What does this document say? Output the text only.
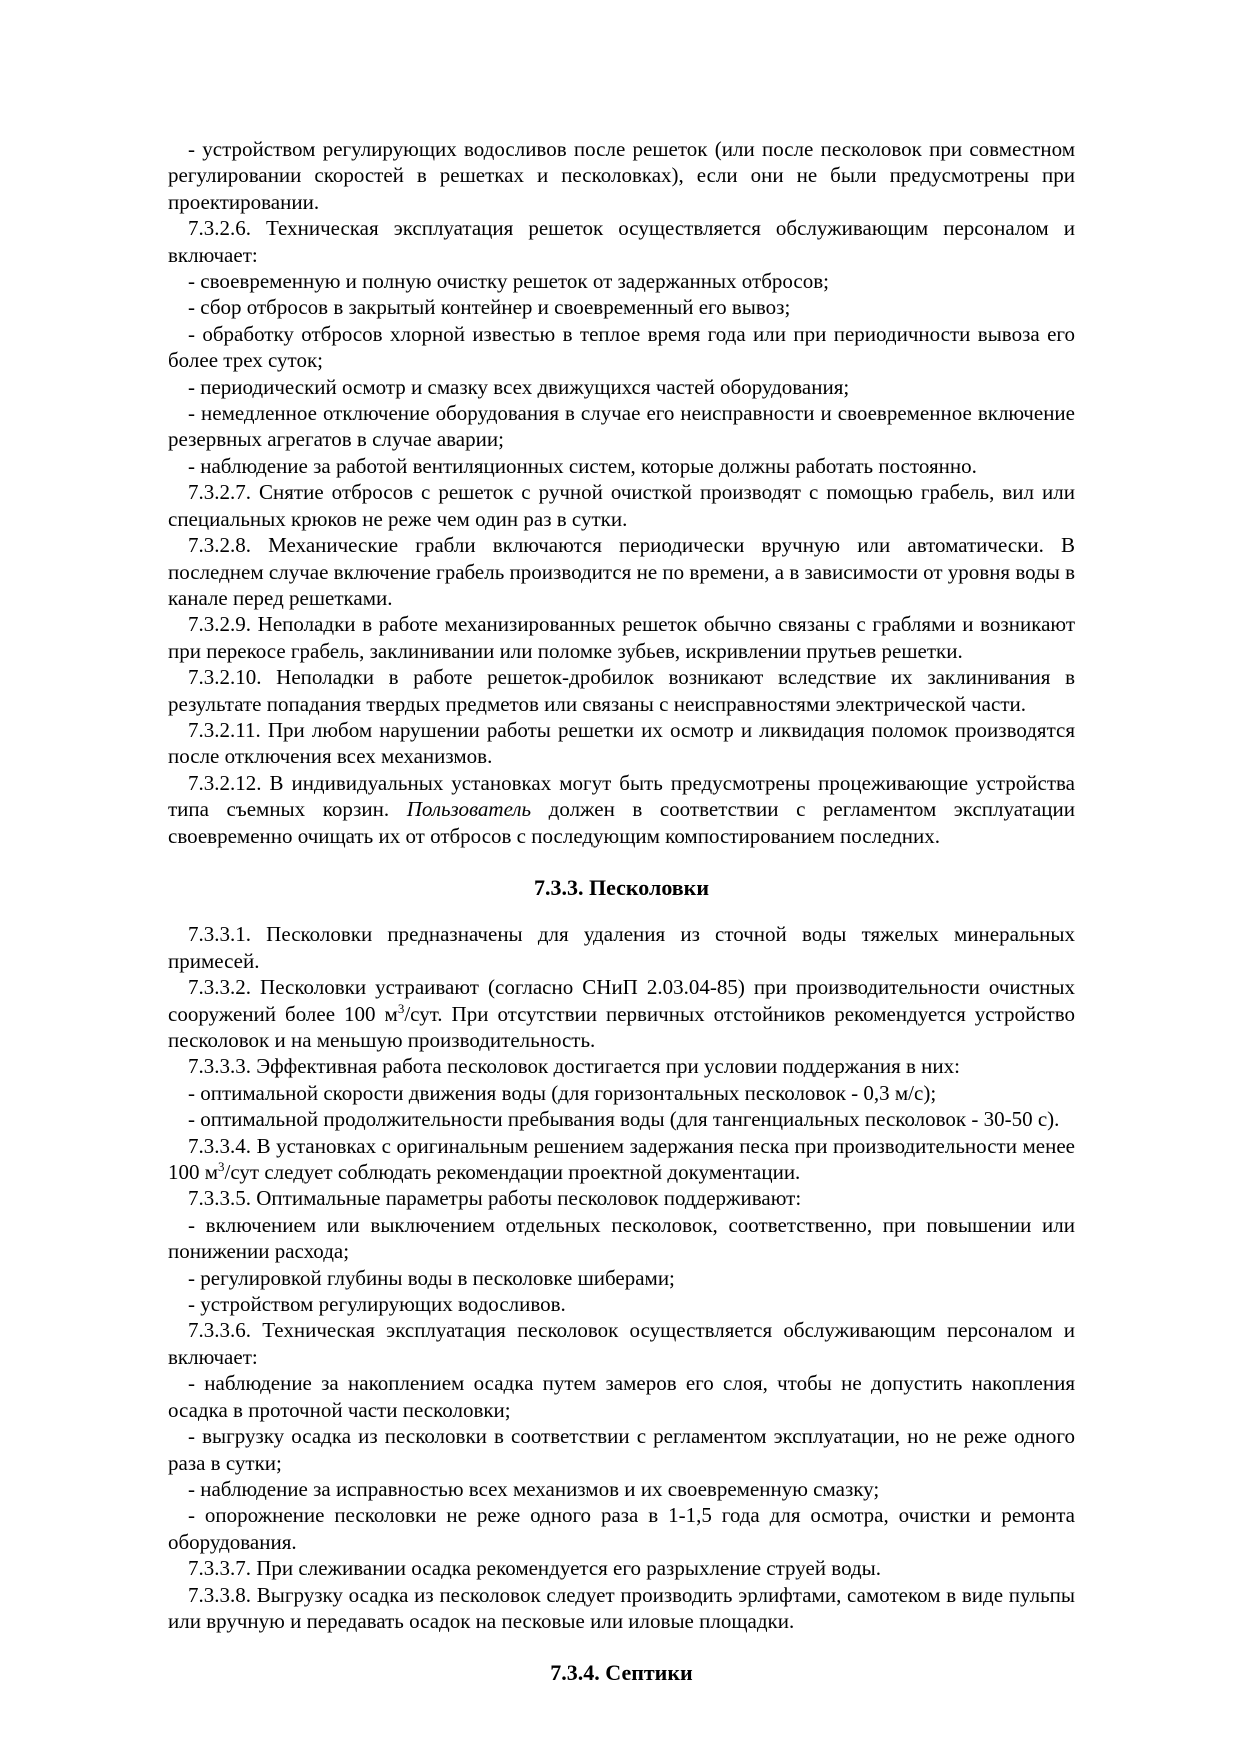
- устройством регулирующих водосливов после решеток (или после песколовок при совместном регулировании скоростей в решетках и песколовках), если они не были предусмотрены при проектировании.

7.3.2.6. Техническая эксплуатация решеток осуществляется обслуживающим персоналом и включает:

- своевременную и полную очистку решеток от задержанных отбросов;

- сбор отбросов в закрытый контейнер и своевременный его вывоз;

- обработку отбросов хлорной известью в теплое время года или при периодичности вывоза его более трех суток;

- периодический осмотр и смазку всех движущихся частей оборудования;

- немедленное отключение оборудования в случае его неисправности и своевременное включение резервных агрегатов в случае аварии;

- наблюдение за работой вентиляционных систем, которые должны работать постоянно.

7.3.2.7. Снятие отбросов с решеток с ручной очисткой производят с помощью грабель, вил или специальных крюков не реже чем один раз в сутки.

7.3.2.8. Механические грабли включаются периодически вручную или автоматически. В последнем случае включение грабель производится не по времени, а в зависимости от уровня воды в канале перед решетками.

7.3.2.9. Неполадки в работе механизированных решеток обычно связаны с граблями и возникают при перекосе грабель, заклинивании или поломке зубьев, искривлении прутьев решетки.

7.3.2.10. Неполадки в работе решеток-дробилок возникают вследствие их заклинивания в результате попадания твердых предметов или связаны с неисправностями электрической части.

7.3.2.11. При любом нарушении работы решетки их осмотр и ликвидация поломок производятся после отключения всех механизмов.

7.3.2.12. В индивидуальных установках могут быть предусмотрены процеживающие устройства типа съемных корзин. Пользователь должен в соответствии с регламентом эксплуатации своевременно очищать их от отбросов с последующим компостированием последних.

7.3.3. Песколовки

7.3.3.1. Песколовки предназначены для удаления из сточной воды тяжелых минеральных примесей.

7.3.3.2. Песколовки устраивают (согласно СНиП 2.03.04-85) при производительности очистных сооружений более 100 $м^3$/сут. При отсутствии первичных отстойников рекомендуется устройство песколовок и на меньшую производительность.

7.3.3.3. Эффективная работа песколовок достигается при условии поддержания в них:

- оптимальной скорости движения воды (для горизонтальных песколовок - 0,3 м/с);

- оптимальной продолжительности пребывания воды (для тангенциальных песколовок - 30-50 с).

7.3.3.4. В установках с оригинальным решением задержания песка при производительности менее 100 $м^3$/сут следует соблюдать рекомендации проектной документации.

7.3.3.5. Оптимальные параметры работы песколовок поддерживают:

- включением или выключением отдельных песколовок, соответственно, при повышении или понижении расхода;

- регулировкой глубины воды в песколовке шиберами;

- устройством регулирующих водосливов.

7.3.3.6. Техническая эксплуатация песколовок осуществляется обслуживающим персоналом и включает:

- наблюдение за накоплением осадка путем замеров его слоя, чтобы не допустить накопления осадка в проточной части песколовки;

- выгрузку осадка из песколовки в соответствии с регламентом эксплуатации, но не реже одного раза в сутки;

- наблюдение за исправностью всех механизмов и их своевременную смазку;

- опорожнение песколовки не реже одного раза в 1-1,5 года для осмотра, очистки и ремонта оборудования.

7.3.3.7. При слеживании осадка рекомендуется его разрыхление струей воды.

7.3.3.8. Выгрузку осадка из песколовок следует производить эрлифтами, самотеком в виде пульпы или вручную и передавать осадок на песковые или иловые площадки.

7.3.4. Септики
